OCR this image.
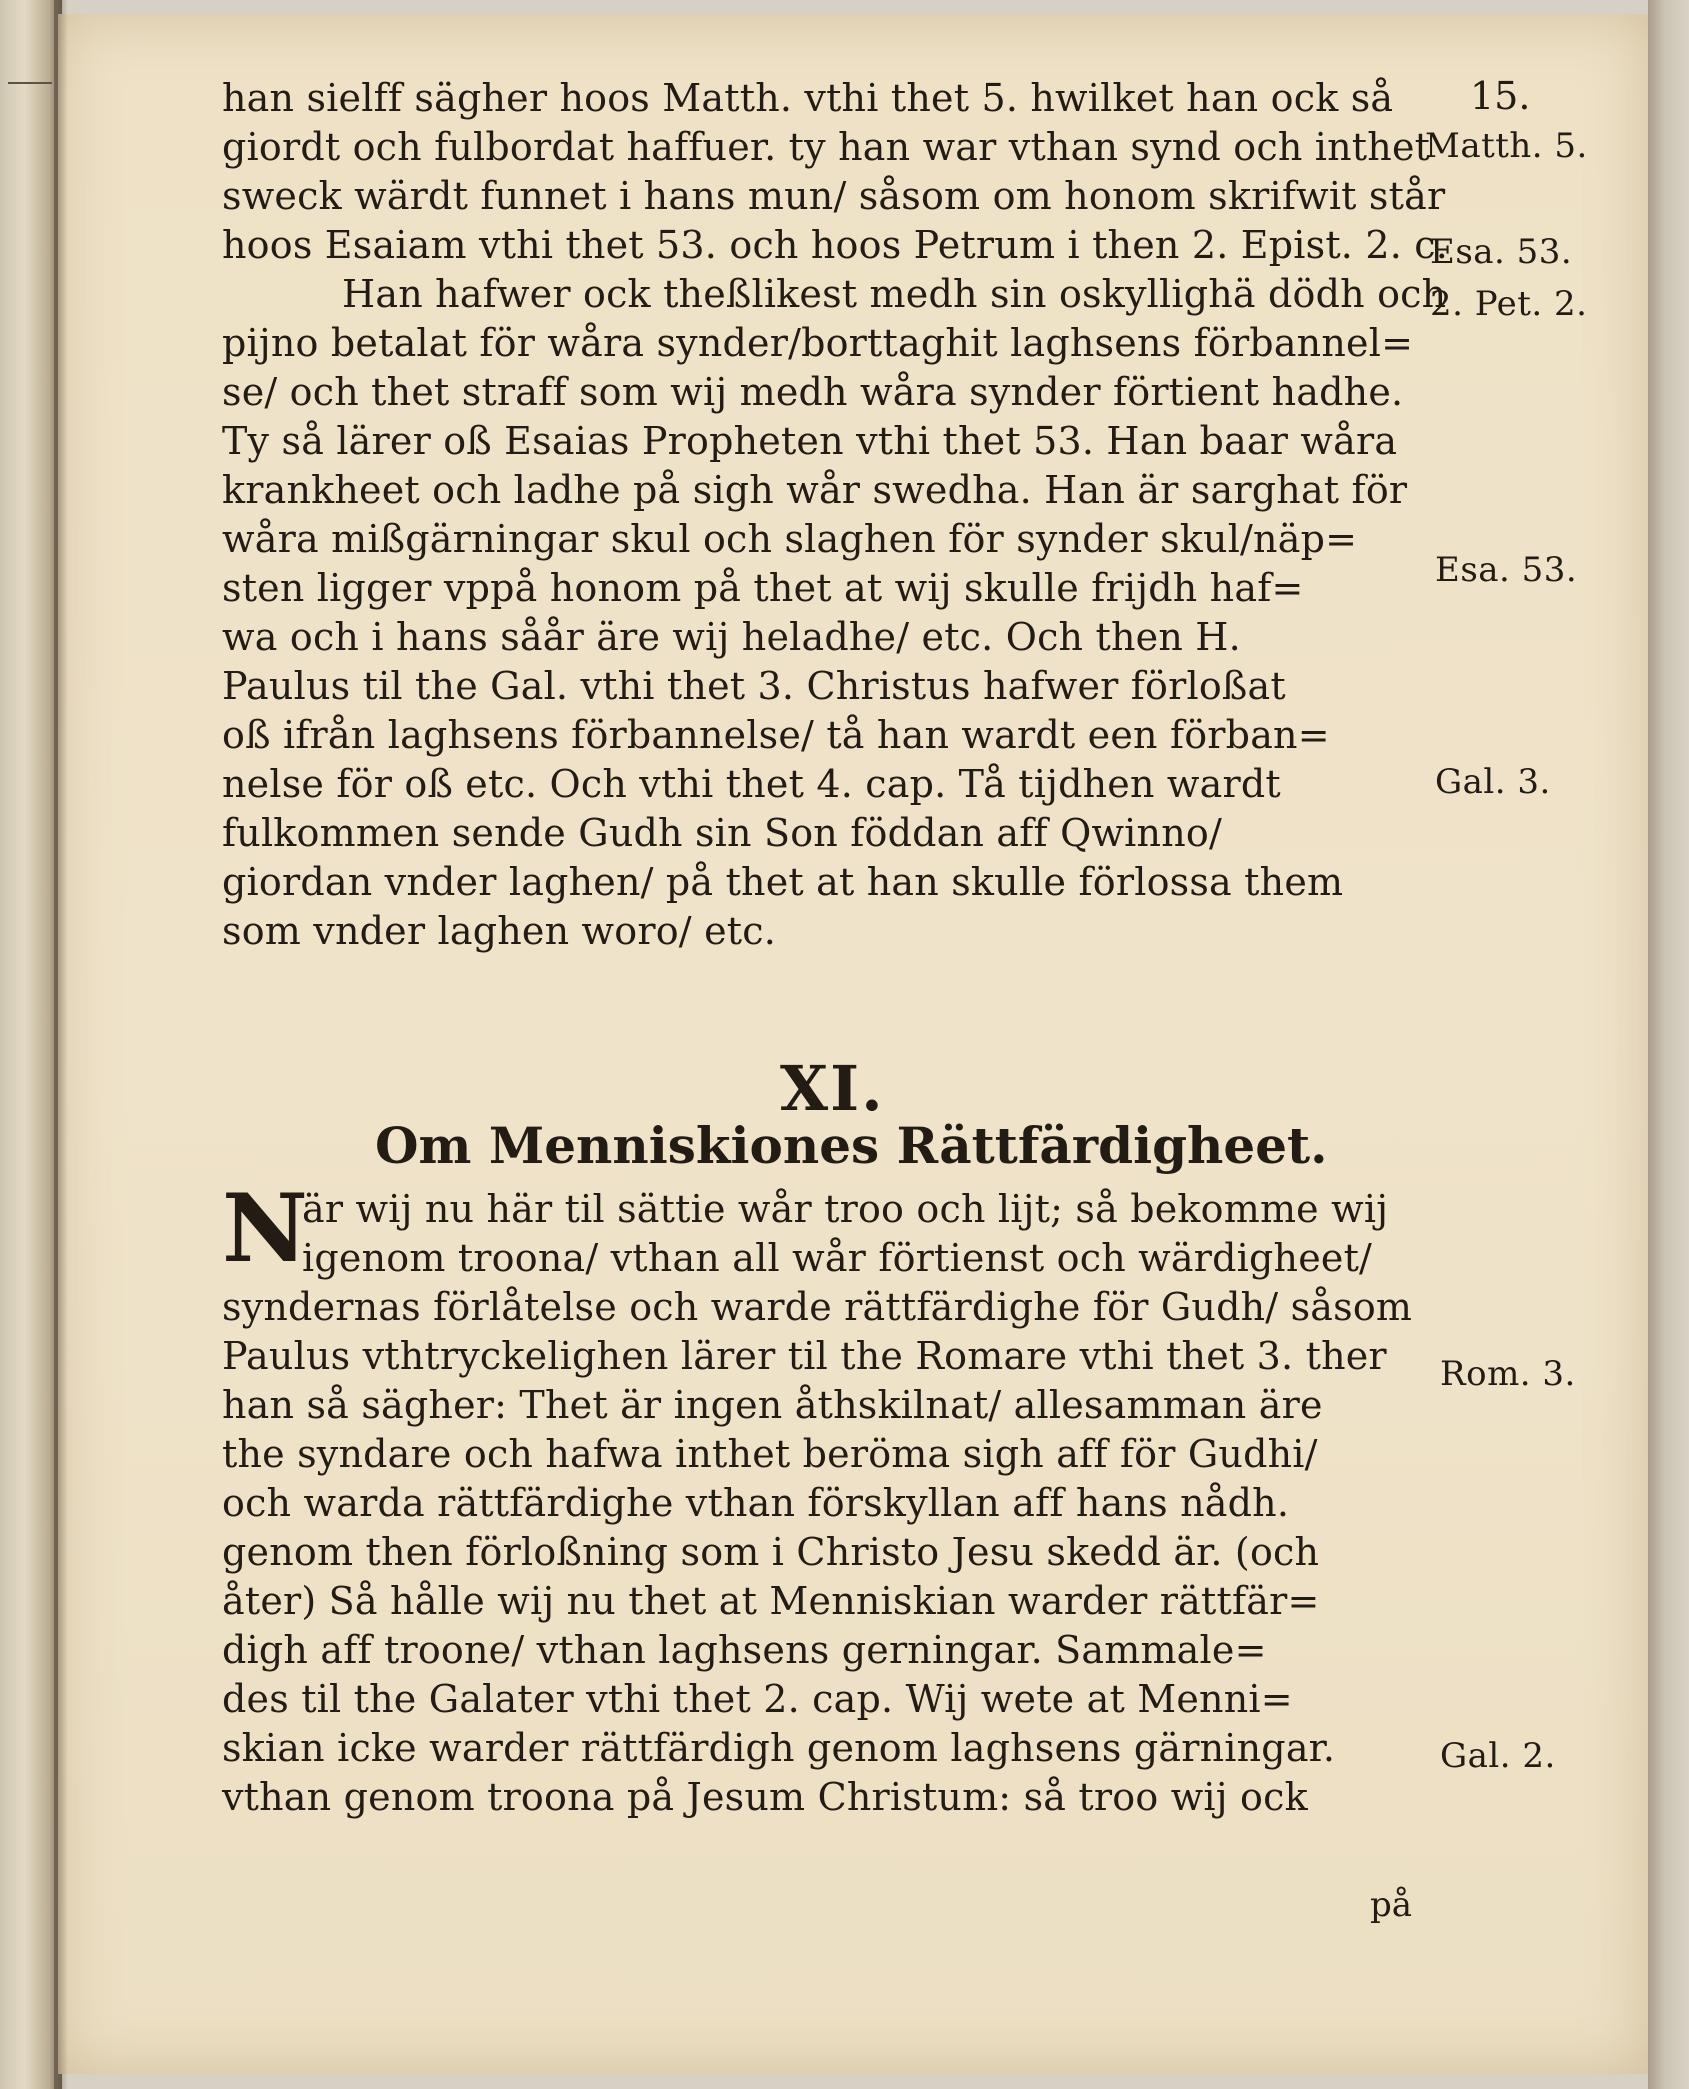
15.
han sielff sägher hoos Matth. vthi thet 5. hwilket han ock så
giordt och fulbordat haffuer. ty han war vthan synd och inthet
sweck wärdt funnet i hans mun/ såsom om honom skrifwit står
hoos Esaiam vthi thet 53. och hoos Petrum i then 2. Epist. 2. c.
Han hafwer ock theßlikest medh sin oskyllighä dödh och
pijno betalat för wåra synder/borttaghit laghsens förbannel=
se/ och thet straff som wij medh wåra synder förtient hadhe.
Ty så lärer oß Esaias Propheten vthi thet 53. Han baar wåra
krankheet och ladhe på sigh wår swedha. Han är sarghat för
wåra mißgärningar skul och slaghen för synder skul/näp=
sten ligger vppå honom på thet at wij skulle frijdh haf=
wa och i hans såår äre wij heladhe/ etc. Och then H.
Paulus til the Gal. vthi thet 3. Christus hafwer förloßat
oß ifrån laghsens förbannelse/ tå han wardt een förban=
nelse för oß etc. Och vthi thet 4. cap. Tå tijdhen wardt
fulkommen sende Gudh sin Son föddan aff Qwinno/
giordan vnder laghen/ på thet at han skulle förlossa them
som vnder laghen woro/ etc.
XI.
Om Menniskiones Rättfärdigheet.
N
är wij nu här til sättie wår troo och lijt; så bekomme wij
igenom troona/ vthan all wår förtienst och wärdigheet/
syndernas förlåtelse och warde rättfärdighe för Gudh/ såsom
Paulus vthtryckelighen lärer til the Romare vthi thet 3. ther
han så sägher: Thet är ingen åthskilnat/ allesamman äre
the syndare och hafwa inthet beröma sigh aff för Gudhi/
och warda rättfärdighe vthan förskyllan aff hans nådh.
genom then förloßning som i Christo Jesu skedd är. (och
åter) Så hålle wij nu thet at Menniskian warder rättfär=
digh aff troone/ vthan laghsens gerningar. Sammale=
des til the Galater vthi thet 2. cap. Wij wete at Menni=
skian icke warder rättfärdigh genom laghsens gärningar.
vthan genom troona på Jesum Christum: så troo wij ock
på
Matth. 5.
Esa. 53.
2. Pet. 2.
Esa. 53.
Gal. 3.
Rom. 3.
Gal. 2.
